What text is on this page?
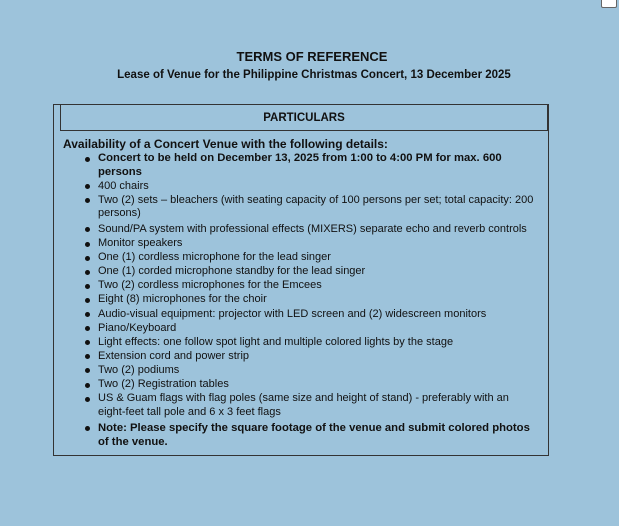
TERMS OF REFERENCE
Lease of Venue for the Philippine Christmas Concert, 13 December 2025
PARTICULARS
Availability of a Concert Venue with the following details:
Concert to be held on December 13, 2025 from 1:00 to 4:00 PM for max. 600 persons
400 chairs
Two (2) sets – bleachers (with seating capacity of 100 persons per set; total capacity: 200 persons)
Sound/PA system with professional effects (MIXERS) separate echo and reverb controls
Monitor speakers
One (1) cordless microphone for the lead singer
One (1) corded microphone standby for the lead singer
Two (2) cordless microphones for the Emcees
Eight (8) microphones for the choir
Audio-visual equipment: projector with LED screen and (2) widescreen monitors
Piano/Keyboard
Light effects: one follow spot light and multiple colored lights by the stage
Extension cord and power strip
Two (2) podiums
Two (2) Registration tables
US & Guam flags with flag poles (same size and height of stand) - preferably with an eight-feet tall pole and 6 x 3 feet flags
Note: Please specify the square footage of the venue and submit colored photos of the venue.
